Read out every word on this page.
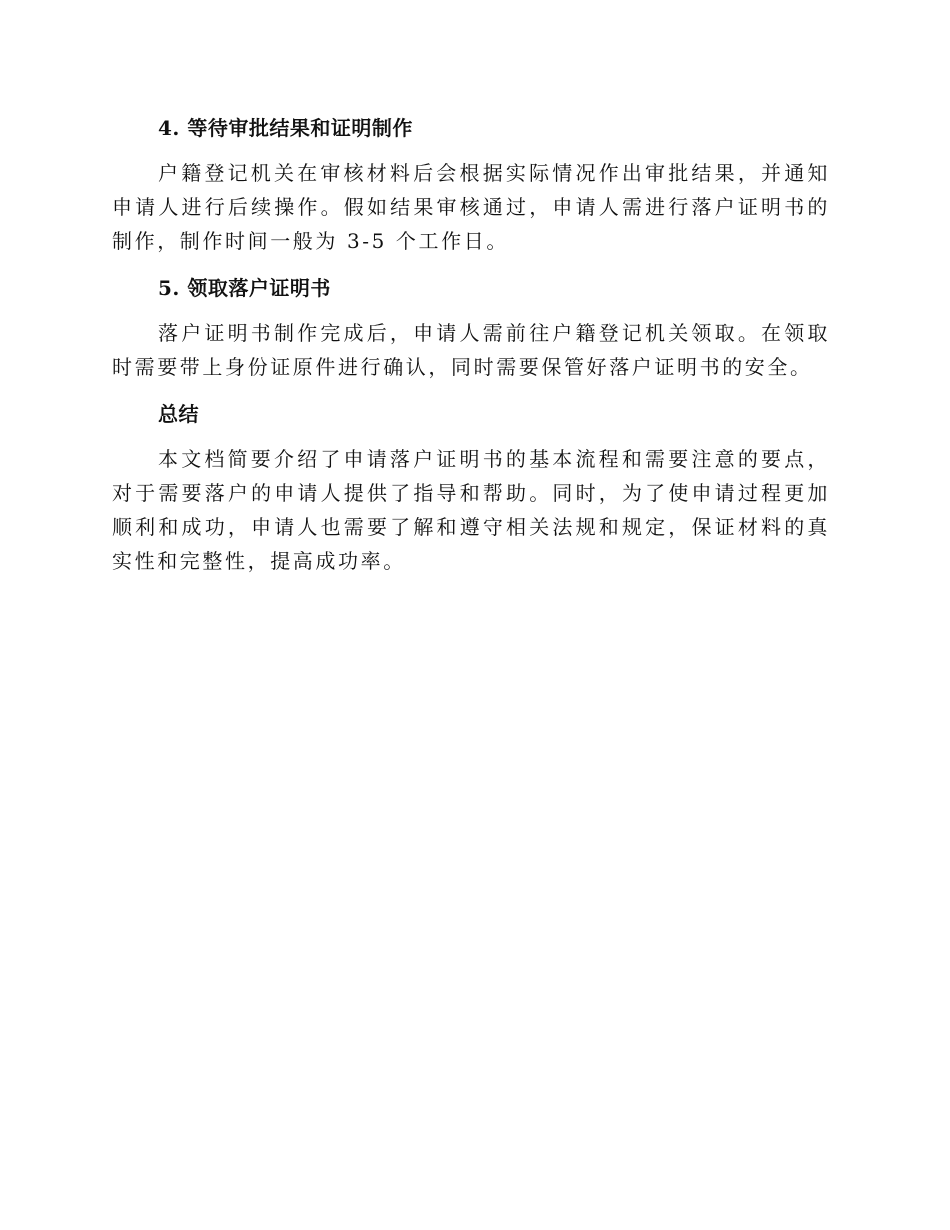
4. 等待审批结果和证明制作

户籍登记机关在审核材料后会根据实际情况作出审批结果，并通知申请人进行后续操作。假如结果审核通过，申请人需进行落户证明书的制作，制作时间一般为 3-5 个工作日。

5. 领取落户证明书

落户证明书制作完成后，申请人需前往户籍登记机关领取。在领取时需要带上身份证原件进行确认，同时需要保管好落户证明书的安全。

总结

本文档简要介绍了申请落户证明书的基本流程和需要注意的要点，对于需要落户的申请人提供了指导和帮助。同时，为了使申请过程更加顺利和成功，申请人也需要了解和遵守相关法规和规定，保证材料的真实性和完整性，提高成功率。
